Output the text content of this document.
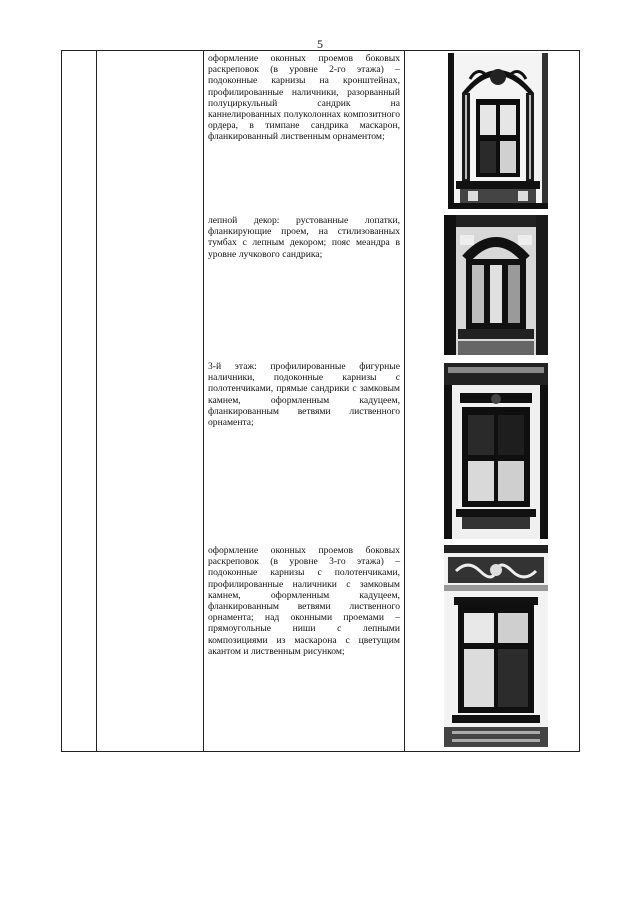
5

оформление оконных проемов боковых раскреповок (в уровне 2-го этажа) – подоконные карнизы на кронштейнах, профилированные наличники, разорванный полуциркульный сандрик на каннелированных полуколоннах композитного ордера, в тимпане сандрика маскарон, фланкированный лиственным орнаментом;
лепной декор: рустованные лопатки, фланкирующие проем, на стилизованных тумбах с лепным декором; пояс меандра в уровне лучкового сандрика;
3-й этаж: профилированные фигурные наличники, подоконные карнизы с полотенчиками, прямые сандрики с замковым камнем, оформленным кадуцеем, фланкированным ветвями лиственного орнамента;
оформление оконных проемов боковых раскреповок (в уровне 3-го этажа) – подоконные карнизы с полотенчиками, профилированные наличники с замковым камнем, оформленным кадуцеем, фланкированным ветвями лиственного орнамента; над оконными проемами – прямоугольные ниши с лепными композициями из маскарона с цветущим акантом и лиственным рисунком;
